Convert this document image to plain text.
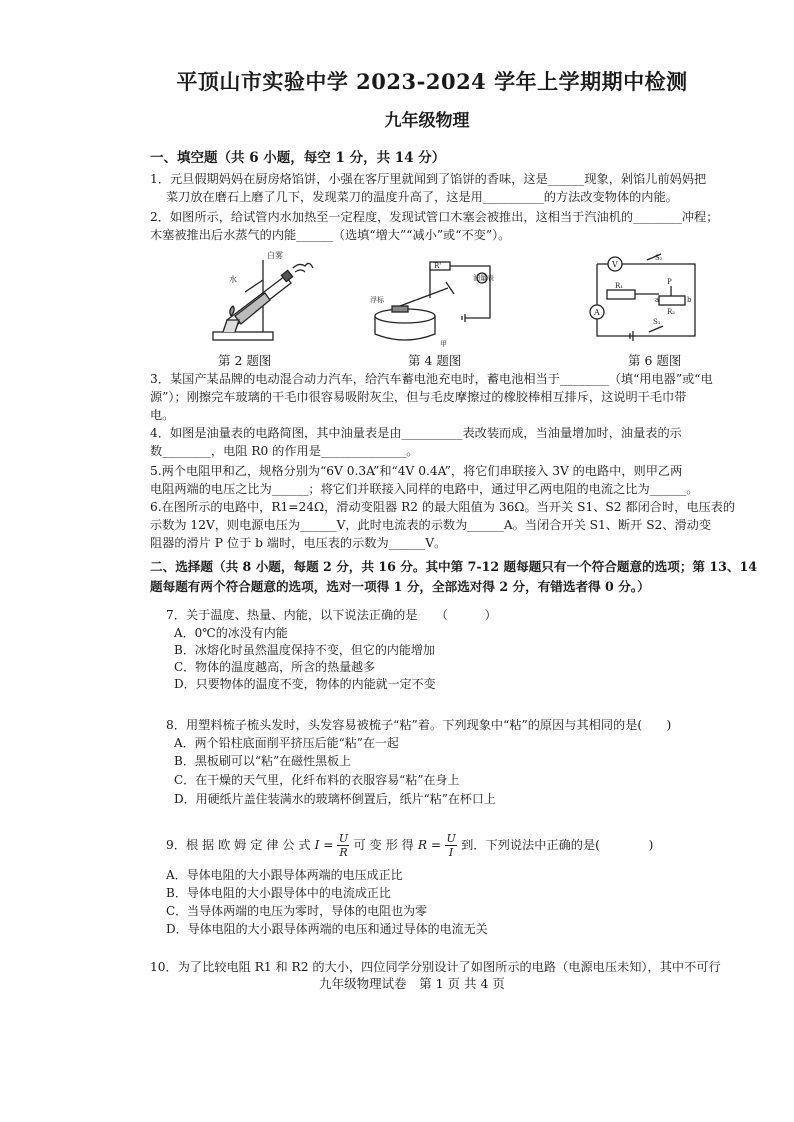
平顶山市实验中学 2023-2024 学年上学期期中检测
九年级物理
一、填空题（共 6 小题，每空 1 分，共 14 分）
1．元旦假期妈妈在厨房烙馅饼，小强在客厅里就闻到了馅饼的香味，这是______现象，剁馅儿前妈妈把
菜刀放在磨石上磨了几下，发现菜刀的温度升高了，这是用__________的方法改变物体的内能。
2．如图所示，给试管内水加热至一定程度，发现试管口木塞会被推出，这相当于汽油机的________冲程；
木塞被推出后水蒸气的内能______（选填“增大”“减小”或“不变”）。
白雾
水
R'
油量表
浮标
甲
V
S₂
R₁	P
a	b
R₂
A
S₁
第 2 题图	第 4 题图	第 6 题图
3．某国产某品牌的电动混合动力汽车，给汽车蓄电池充电时，蓄电池相当于________（填“用电器”或“电
源”）；刚擦完车玻璃的干毛巾很容易吸附灰尘，但与毛皮摩擦过的橡胶棒相互排斥，这说明干毛巾带
电。
4．如图是油量表的电路简图，其中油量表是由__________表改装而成，当油量增加时，油量表的示
数________，电阻 R0 的作用是______________。
5.两个电阻甲和乙，规格分别为“6V 0.3A”和“4V 0.4A”，将它们串联接入 3V 的电路中，则甲乙两
电阻两端的电压之比为______；将它们并联接入同样的电路中，通过甲乙两电阻的电流之比为______。
6.在图所示的电路中，R1=24Ω，滑动变阻器 R2 的最大阻值为 36Ω。当开关 S1、S2 都闭合时，电压表的
示数为 12V，则电源电压为______V，此时电流表的示数为______A。当闭合开关 S1、断开 S2、滑动变
阻器的滑片 P 位于 b 端时，电压表的示数为______V。
二、选择题（共 8 小题，每题 2 分，共 16 分。其中第 7-12 题每题只有一个符合题意的选项；第 13、14
题每题有两个符合题意的选项，选对一项得 1 分，全部选对得 2 分，有错选者得 0 分。）
7．关于温度、热量、内能，以下说法正确的是　　（　　　）
A．0℃的冰没有内能
B．冰熔化时虽然温度保持不变，但它的内能增加
C．物体的温度越高，所含的热量越多
D．只要物体的温度不变，物体的内能就一定不变
8．用塑料梳子梳头发时，头发容易被梳子“粘”着。下列现象中“粘”的原因与其相同的是(　　)
A．两个铅柱底面削平挤压后能“粘”在一起
B．黑板刷可以“粘”在磁性黑板上
C．在干燥的天气里，化纤布料的衣服容易“粘”在身上
D．用硬纸片盖住装满水的玻璃杯倒置后，纸片“粘”在杯口上
9．根 据 欧 姆 定 律 公 式 $I = \frac{U}{R}$ 可 变 形 得 $R = \frac{U}{I}$ 到．下列说法中正确的是(　　　　)
A．导体电阻的大小跟导体两端的电压成正比
B．导体电阻的大小跟导体中的电流成正比
C．当导体两端的电压为零时，导体的电阻也为零
D．导体电阻的大小跟导体两端的电压和通过导体的电流无关
10．为了比较电阻 R1 和 R2 的大小，四位同学分别设计了如图所示的电路（电源电压未知），其中不可行
九年级物理试卷　第 1 页 共 4 页
